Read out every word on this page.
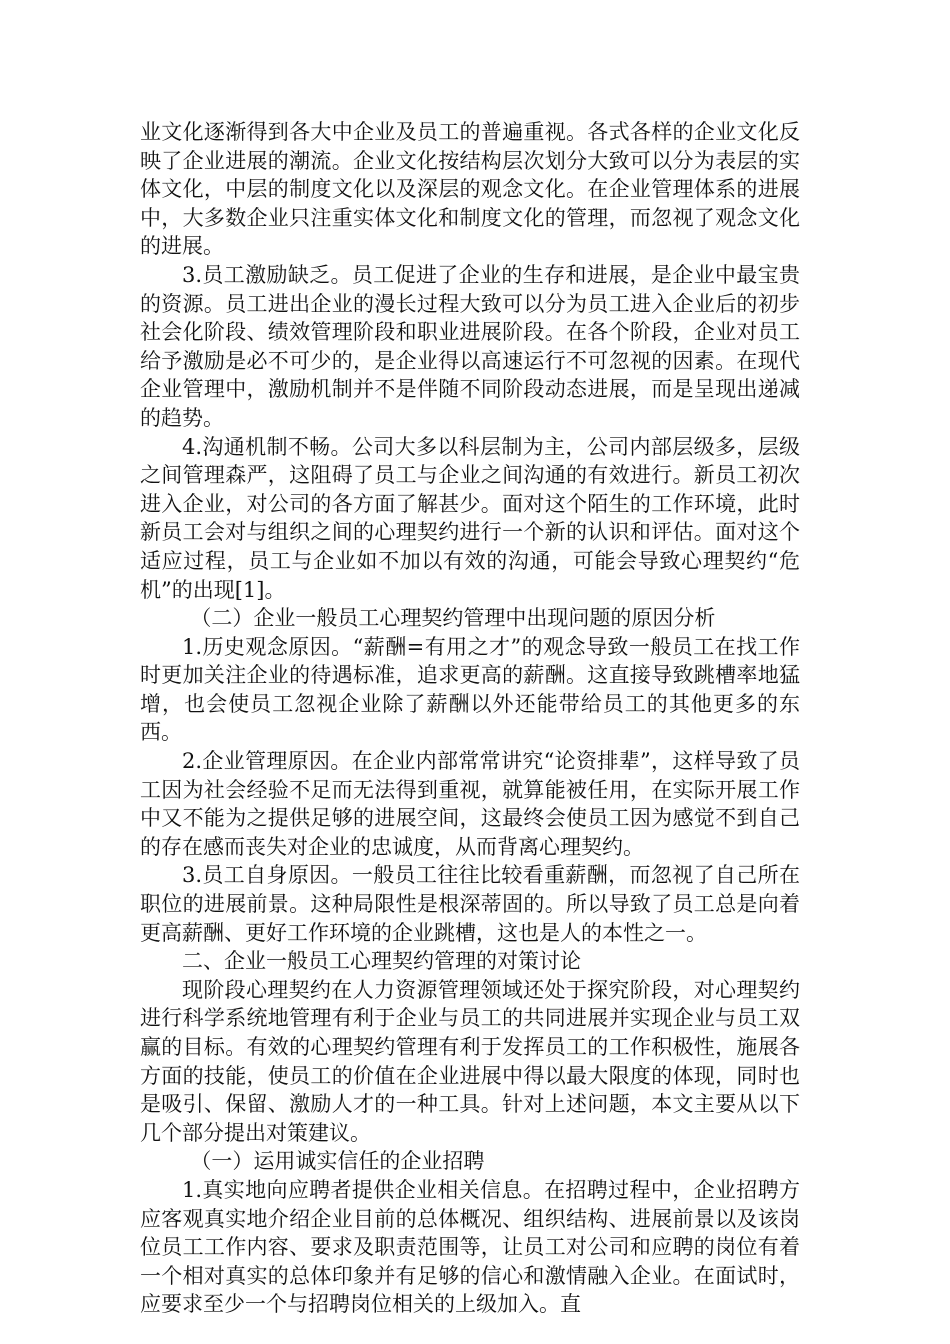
业文化逐渐得到各大中企业及员工的普遍重视。各式各样的企业文化反映了企业进展的潮流。企业文化按结构层次划分大致可以分为表层的实体文化，中层的制度文化以及深层的观念文化。在企业管理体系的进展中，大多数企业只注重实体文化和制度文化的管理，而忽视了观念文化的进展。

3.员工激励缺乏。员工促进了企业的生存和进展，是企业中最宝贵的资源。员工进出企业的漫长过程大致可以分为员工进入企业后的初步社会化阶段、绩效管理阶段和职业进展阶段。在各个阶段，企业对员工给予激励是必不可少的，是企业得以高速运行不可忽视的因素。在现代企业管理中，激励机制并不是伴随不同阶段动态进展，而是呈现出递减的趋势。

4.沟通机制不畅。公司大多以科层制为主，公司内部层级多，层级之间管理森严，这阻碍了员工与企业之间沟通的有效进行。新员工初次进入企业，对公司的各方面了解甚少。面对这个陌生的工作环境，此时新员工会对与组织之间的心理契约进行一个新的认识和评估。面对这个适应过程，员工与企业如不加以有效的沟通，可能会导致心理契约“危机”的出现[1]。

（二）企业一般员工心理契约管理中出现问题的原因分析

1.历史观念原因。“薪酬=有用之才”的观念导致一般员工在找工作时更加关注企业的待遇标准，追求更高的薪酬。这直接导致跳槽率地猛增，也会使员工忽视企业除了薪酬以外还能带给员工的其他更多的东西。

2.企业管理原因。在企业内部常常讲究“论资排辈”，这样导致了员工因为社会经验不足而无法得到重视，就算能被任用，在实际开展工作中又不能为之提供足够的进展空间，这最终会使员工因为感觉不到自己的存在感而丧失对企业的忠诚度，从而背离心理契约。

3.员工自身原因。一般员工往往比较看重薪酬，而忽视了自己所在职位的进展前景。这种局限性是根深蒂固的。所以导致了员工总是向着更高薪酬、更好工作环境的企业跳槽，这也是人的本性之一。

二、企业一般员工心理契约管理的对策讨论

现阶段心理契约在人力资源管理领域还处于探究阶段，对心理契约进行科学系统地管理有利于企业与员工的共同进展并实现企业与员工双赢的目标。有效的心理契约管理有利于发挥员工的工作积极性，施展各方面的技能，使员工的价值在企业进展中得以最大限度的体现，同时也是吸引、保留、激励人才的一种工具。针对上述问题，本文主要从以下几个部分提出对策建议。

（一）运用诚实信任的企业招聘

1.真实地向应聘者提供企业相关信息。在招聘过程中，企业招聘方应客观真实地介绍企业目前的总体概况、组织结构、进展前景以及该岗位员工工作内容、要求及职责范围等，让员工对公司和应聘的岗位有着一个相对真实的总体印象并有足够的信心和激情融入企业。在面试时，应要求至少一个与招聘岗位相关的上级加入。直
